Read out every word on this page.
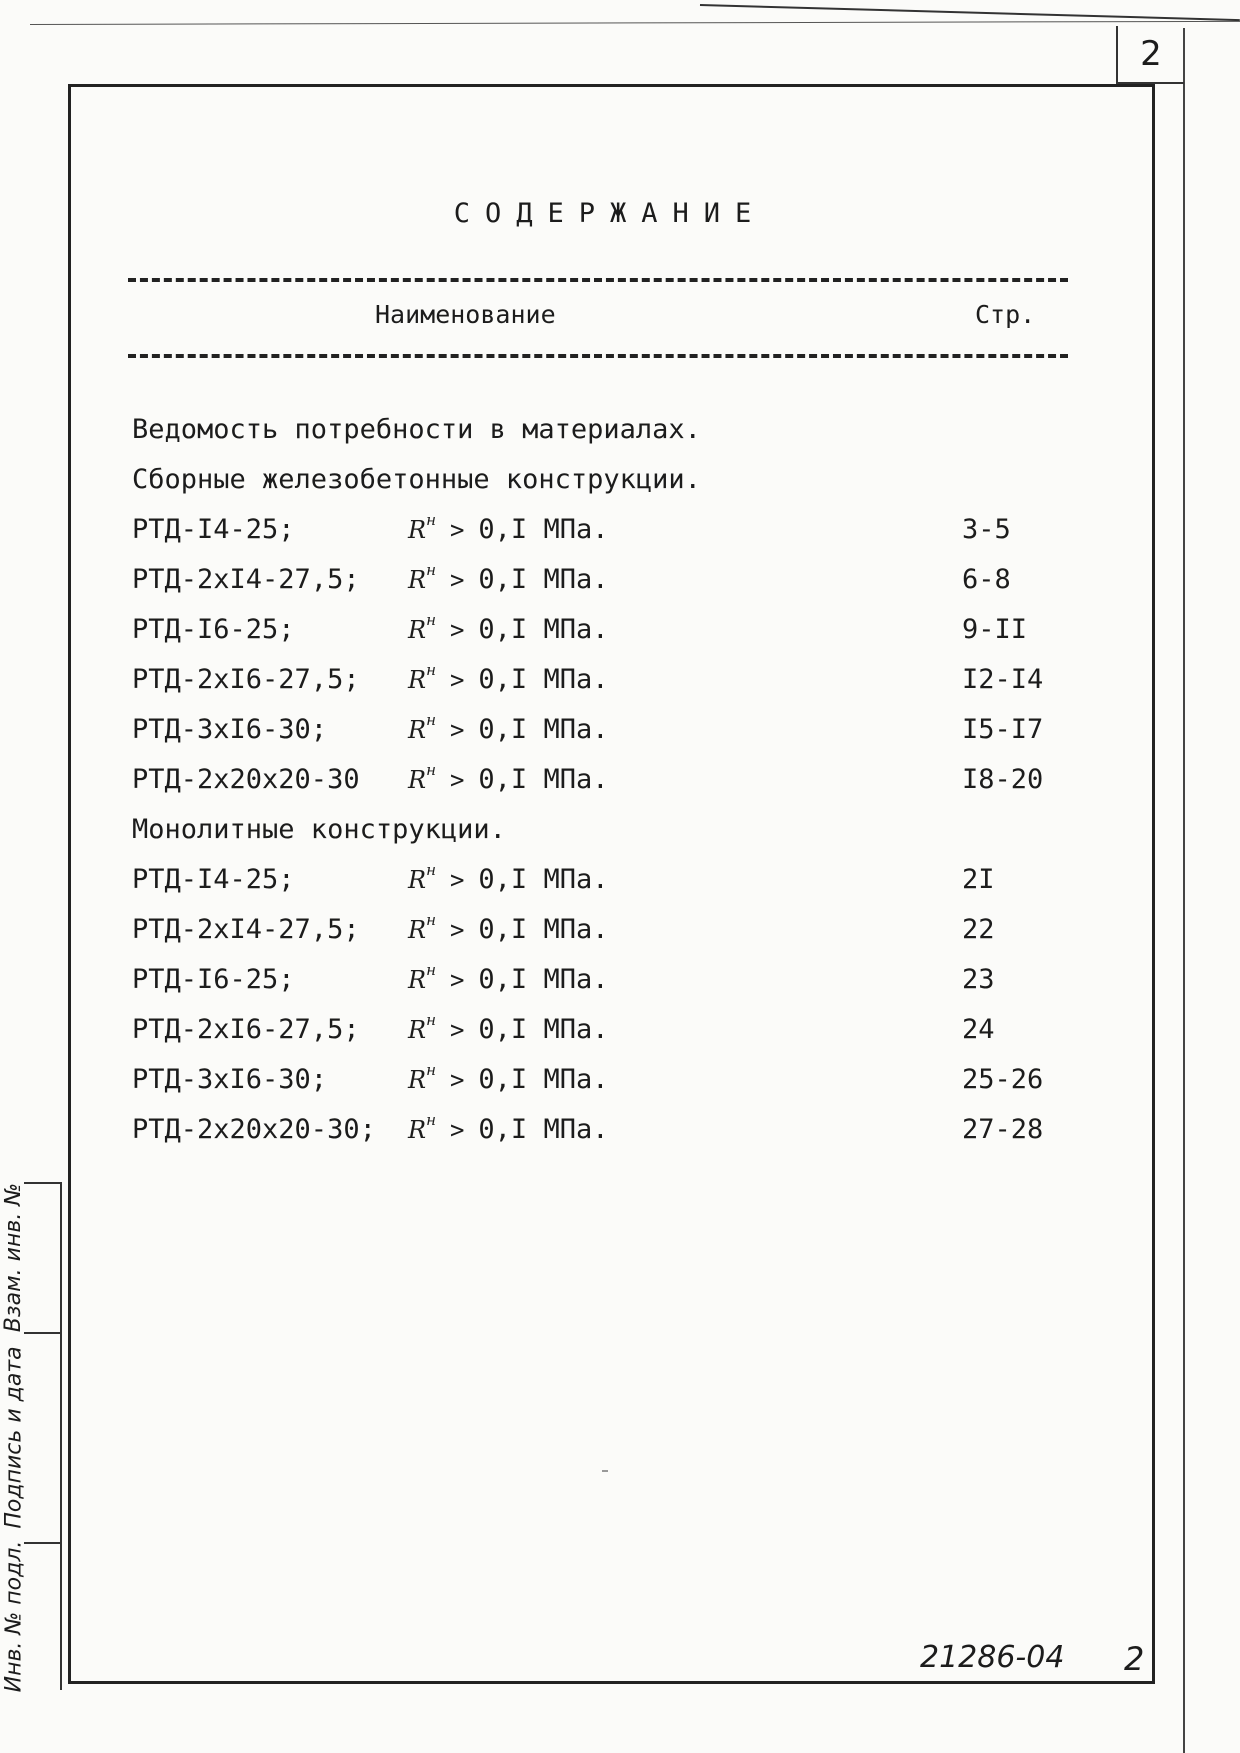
2
СОДЕРЖАНИЕ
Наименование	Стр.
Ведомость потребности в материалах.
Сборные железобетонные конструкции.
РТД-I4-25;	$R^н > 0,I$ МПа.	3-5
РТД-2хI4-27,5; $R^н > 0,I$ МПа.	6-8
РТД-I6-25;	$R^н > 0,I$ МПа.	9-II
РТД-2хI6-27,5; $R^н > 0,I$ МПа.	I2-I4
РТД-3хI6-30;	$R^н > 0,I$ МПа.	I5-I7
РТД-2х20х20-30 $R^н > 0,I$ МПа.	I8-20
Монолитные конструкции.
РТД-I4-25;	$R^н > 0,I$ МПа.	2I
РТД-2хI4-27,5; $R^н > 0,I$ МПа.	22
РТД-I6-25;	$R^н > 0,I$ МПа.	23
РТД-2хI6-27,5; $R^н > 0,I$ МПа.	24
РТД-3хI6-30;	$R^н > 0,I$ МПа.	25-26
РТД-2х20х20-30; $R^н > 0,I$ МПа.	27-28
Взам. инв. №
Подпись и дата
Инв. № подл.	21286-04 2
